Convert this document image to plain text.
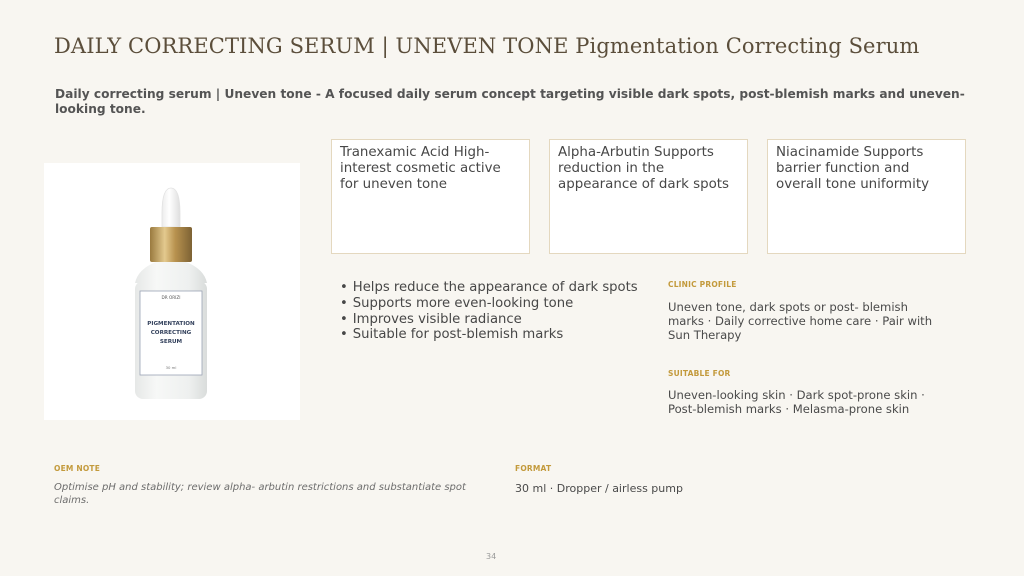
DAILY CORRECTING SERUM | UNEVEN TONE Pigmentation Correcting Serum
Daily correcting serum | Uneven tone - A focused daily serum concept targeting visible dark spots, post-blemish marks and uneven-looking tone.
DR ORIZI
PIGMENTATION
CORRECTING
SERUM
30 ml
Tranexamic Acid High-interest cosmetic active for uneven tone
Alpha-Arbutin Supports reduction in the appearance of dark spots
Niacinamide Supports barrier function and overall tone uniformity
• Helps reduce the appearance of dark spots
• Supports more even-looking tone
• Improves visible radiance
• Suitable for post-blemish marks
CLINIC PROFILE
Uneven tone, dark spots or post- blemish marks · Daily corrective home care · Pair with Sun Therapy
SUITABLE FOR
Uneven-looking skin · Dark spot-prone skin · Post-blemish marks · Melasma-prone skin
OEM NOTE
Optimise pH and stability; review alpha- arbutin restrictions and substantiate spot claims.
FORMAT
30 ml · Dropper / airless pump
34
